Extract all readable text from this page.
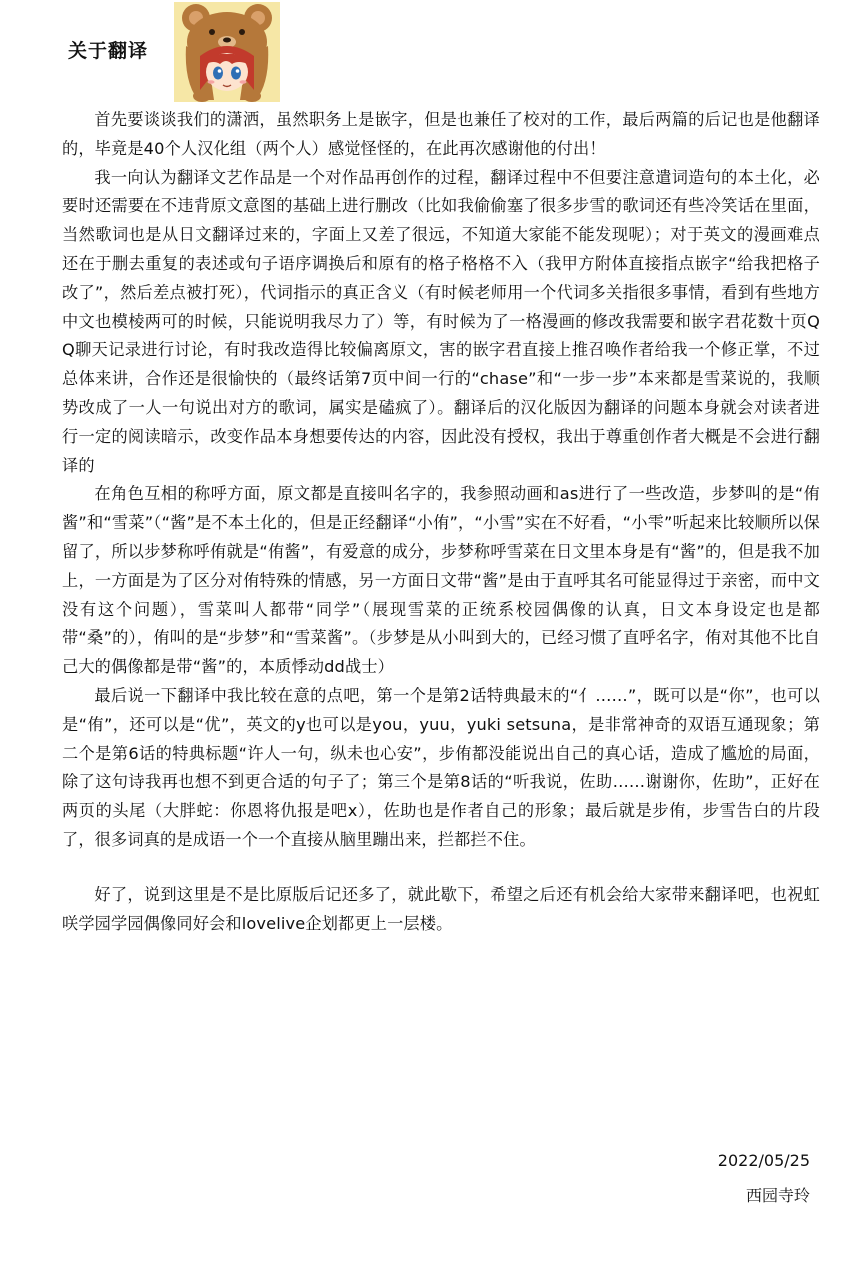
关于翻译

首先要谈谈我们的潇洒，虽然职务上是嵌字，但是也兼任了校对的工作，最后两篇的后记也是他翻译的，毕竟是40个人汉化组（两个人）感觉怪怪的，在此再次感谢他的付出！

我一向认为翻译文艺作品是一个对作品再创作的过程，翻译过程中不但要注意遣词造句的本土化，必要时还需要在不违背原文意图的基础上进行删改（比如我偷偷塞了很多步雪的歌词还有些冷笑话在里面，当然歌词也是从日文翻译过来的，字面上又差了很远，不知道大家能不能发现呢）；对于英文的漫画难点还在于删去重复的表述或句子语序调换后和原有的格子格格不入（我甲方附体直接指点嵌字“给我把格子改了”，然后差点被打死），代词指示的真正含义（有时候老师用一个代词多关指很多事情，看到有些地方中文也模棱两可的时候，只能说明我尽力了）等，有时候为了一格漫画的修改我需要和嵌字君花数十页QQ聊天记录进行讨论，有时我改造得比较偏离原文，害的嵌字君直接上推召唤作者给我一个修正掌，不过总体来讲，合作还是很愉快的（最终话第7页中间一行的“chase”和“一步一步”本来都是雪菜说的，我顺势改成了一人一句说出对方的歌词，属实是磕疯了）。翻译后的汉化版因为翻译的问题本身就会对读者进行一定的阅读暗示，改变作品本身想要传达的内容，因此没有授权，我出于尊重创作者大概是不会进行翻译的

在角色互相的称呼方面，原文都是直接叫名字的，我参照动画和as进行了一些改造，步梦叫的是“侑酱”和“雪菜”（“酱”是不本土化的，但是正经翻译“小侑”，“小雪”实在不好看，“小雫”听起来比较顺所以保留了，所以步梦称呼侑就是“侑酱”，有爱意的成分，步梦称呼雪菜在日文里本身是有“酱”的，但是我不加上，一方面是为了区分对侑特殊的情感，另一方面日文带“酱”是由于直呼其名可能显得过于亲密，而中文没有这个问题），雪菜叫人都带“同学”（展现雪菜的正统系校园偶像的认真，日文本身设定也是都带“桑”的），侑叫的是“步梦”和“雪菜酱”。（步梦是从小叫到大的，已经习惯了直呼名字，侑对其他不比自己大的偶像都是带“酱”的，本质悸动dd战士）

最后说一下翻译中我比较在意的点吧，第一个是第2话特典最末的“亻……”，既可以是“你”，也可以是“侑”，还可以是“优”，英文的y也可以是you，yuu，yuki setsuna，是非常神奇的双语互通现象；第二个是第6话的特典标题“许人一句，纵未也心安”，步侑都没能说出自己的真心话，造成了尴尬的局面，除了这句诗我再也想不到更合适的句子了；第三个是第8话的“听我说，佐助……谢谢你，佐助”，正好在两页的头尾（大胖蛇：你恩将仇报是吧x），佐助也是作者自己的形象；最后就是步侑，步雪告白的片段了，很多词真的是成语一个一个直接从脑里蹦出来，拦都拦不住。

好了，说到这里是不是比原版后记还多了，就此歇下，希望之后还有机会给大家带来翻译吧，也祝虹咲学园学园偶像同好会和lovelive企划都更上一层楼。

2022/05/25
西园寺玲
